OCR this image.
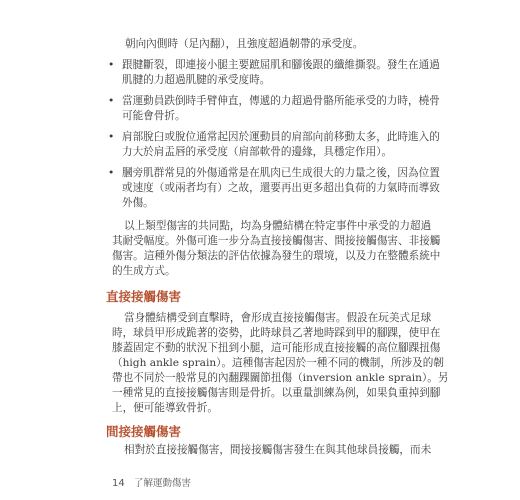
朝向內側時（足內翻），且強度超過韌帶的承受度。
• 跟腱斷裂，即連接小腿主要蹠屈肌和腳後跟的纖維撕裂。發生在通過
肌腱的力超過肌腱的承受度時。
• 當運動員跌倒時手臂伸直，傳遞的力超過骨骼所能承受的力時，橈骨
可能會骨折。
• 肩部脫臼或脫位通常起因於運動員的肩部向前移動太多，此時進入的
力大於肩盂唇的承受度（肩部軟骨的邊緣，具穩定作用）。
• 膕旁肌群常見的外傷通常是在肌肉已生成很大的力量之後，因為位置
或速度（或兩者均有）之故，還要再出更多超出負荷的力氣時而導致
外傷。
以上類型傷害的共同點，均為身體結構在特定事件中承受的力超過
其耐受幅度。外傷可進一步分為直接接觸傷害、間接接觸傷害、非接觸
傷害。這種外傷分類法的評估依據為發生的環境，以及力在整體系統中
的生成方式。
直接接觸傷害
當身體結構受到直擊時，會形成直接接觸傷害。假設在玩美式足球
時，球員甲形成跪著的姿勢，此時球員乙著地時踩到甲的腳踝，使甲在
膝蓋固定不動的狀況下扭到小腿，這可能形成直接接觸的高位腳踝扭傷
（high ankle sprain）。這種傷害起因於一種不同的機制，所涉及的韌
帶也不同於一般常見的內翻踝關節扭傷（inversion ankle sprain）。另
一種常見的直接接觸傷害則是骨折。以重量訓練為例，如果負重掉到腳
上，便可能導致骨折。
間接接觸傷害
相對於直接接觸傷害，間接接觸傷害發生在與其他球員接觸，而未
14 了解運動傷害
